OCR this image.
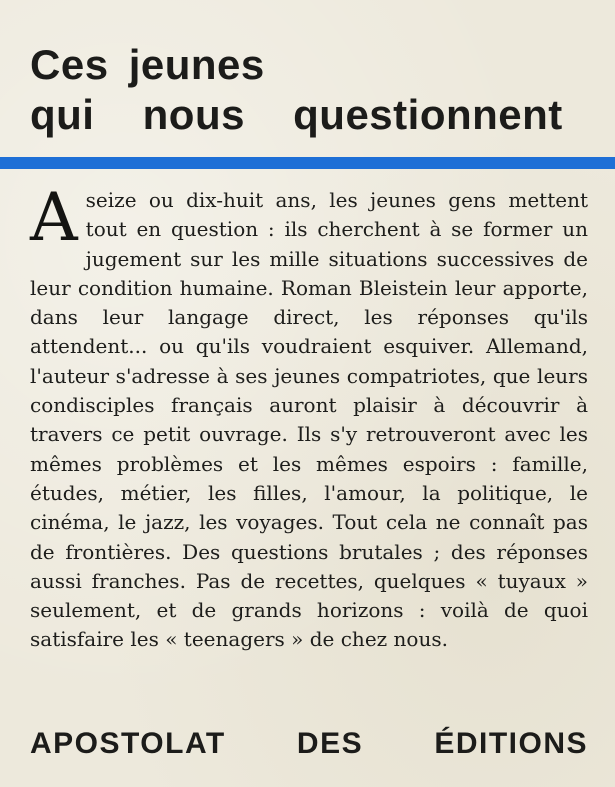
Ces jeunes
qui nous questionnent

Aseize ou dix-huit ans, les jeunes gens mettent tout en question : ils cherchent à se former un jugement sur les mille situations successives de leur condition humaine. Roman Bleistein leur apporte, dans leur langage direct, les réponses qu'ils attendent... ou qu'ils voudraient esquiver. Allemand, l'auteur s'adresse à ses jeunes compatriotes, que leurs condisciples français auront plaisir à découvrir à travers ce petit ouvrage. Ils s'y retrouveront avec les mêmes problèmes et les mêmes espoirs : famille, études, métier, les filles, l'amour, la politique, le cinéma, le jazz, les voyages. Tout cela ne connaît pas de frontières. Des questions brutales ; des réponses aussi franches. Pas de recettes, quelques « tuyaux » seulement, et de grands horizons : voilà de quoi satisfaire les « teenagers » de chez nous.

APOSTOLAT DES ÉDITIONS
